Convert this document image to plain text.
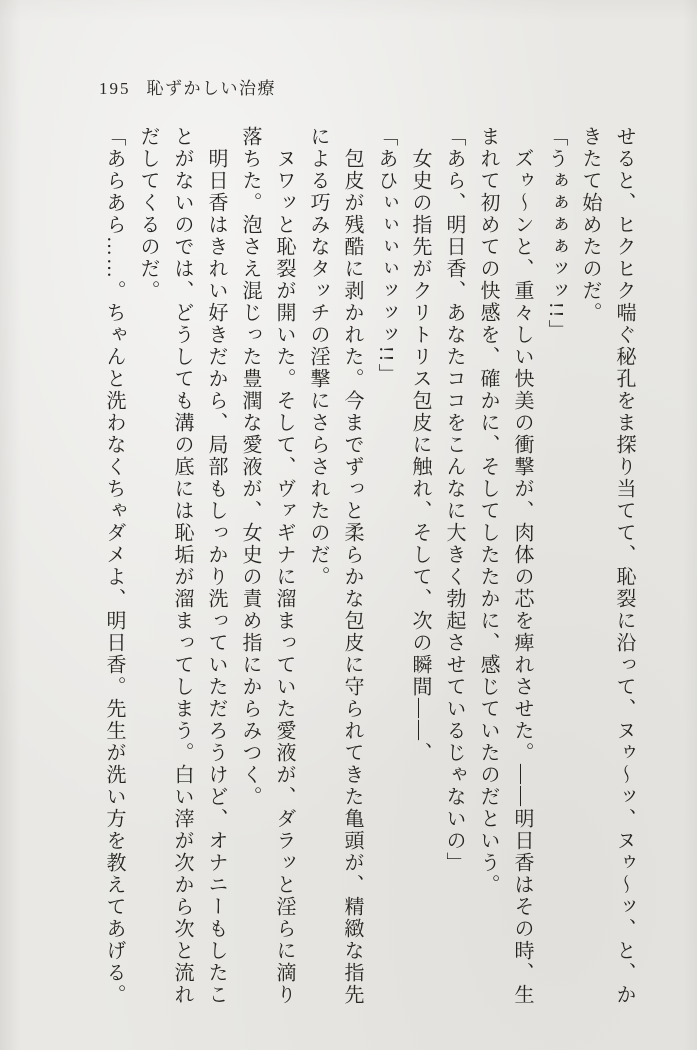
195 恥ずかしい治療

せると、ヒクヒク喘ぐ秘孔をま探り当てて、恥裂に沿って、ヌゥ〜ッ、ヌゥ〜ッ、と、か

きたて始めたのだ。

「うぁぁぁぁッッ!!」

ズゥ〜ンと、重々しい快美の衝撃が、肉体の芯を痺れさせた。――明日香はその時、生

まれて初めての快感を、確かに、そしてしたたかに、感じていたのだという。

「あら、明日香、あなたココをこんなに大きく勃起させているじゃないの」

女史の指先がクリトリス包皮に触れ、そして、次の瞬間――、

「あひぃぃぃぃッッッ!!」

包皮が残酷に剥かれた。今までずっと柔らかな包皮に守られてきた亀頭が、精緻な指先

による巧みなタッチの淫撃にさらされたのだ。

ヌワッと恥裂が開いた。そして、ヴァギナに溜まっていた愛液が、ダラッと淫らに滴り

落ちた。泡さえ混じった豊潤な愛液が、女史の責め指にからみつく。

明日香はきれい好きだから、局部もしっかり洗っていただろうけど、オナニーもしたこ

とがないのでは、どうしても溝の底には恥垢が溜まってしまう。白い滓が次から次と流れ

だしてくるのだ。

「あらあら……。ちゃんと洗わなくちゃダメよ、明日香。先生が洗い方を教えてあげる。
